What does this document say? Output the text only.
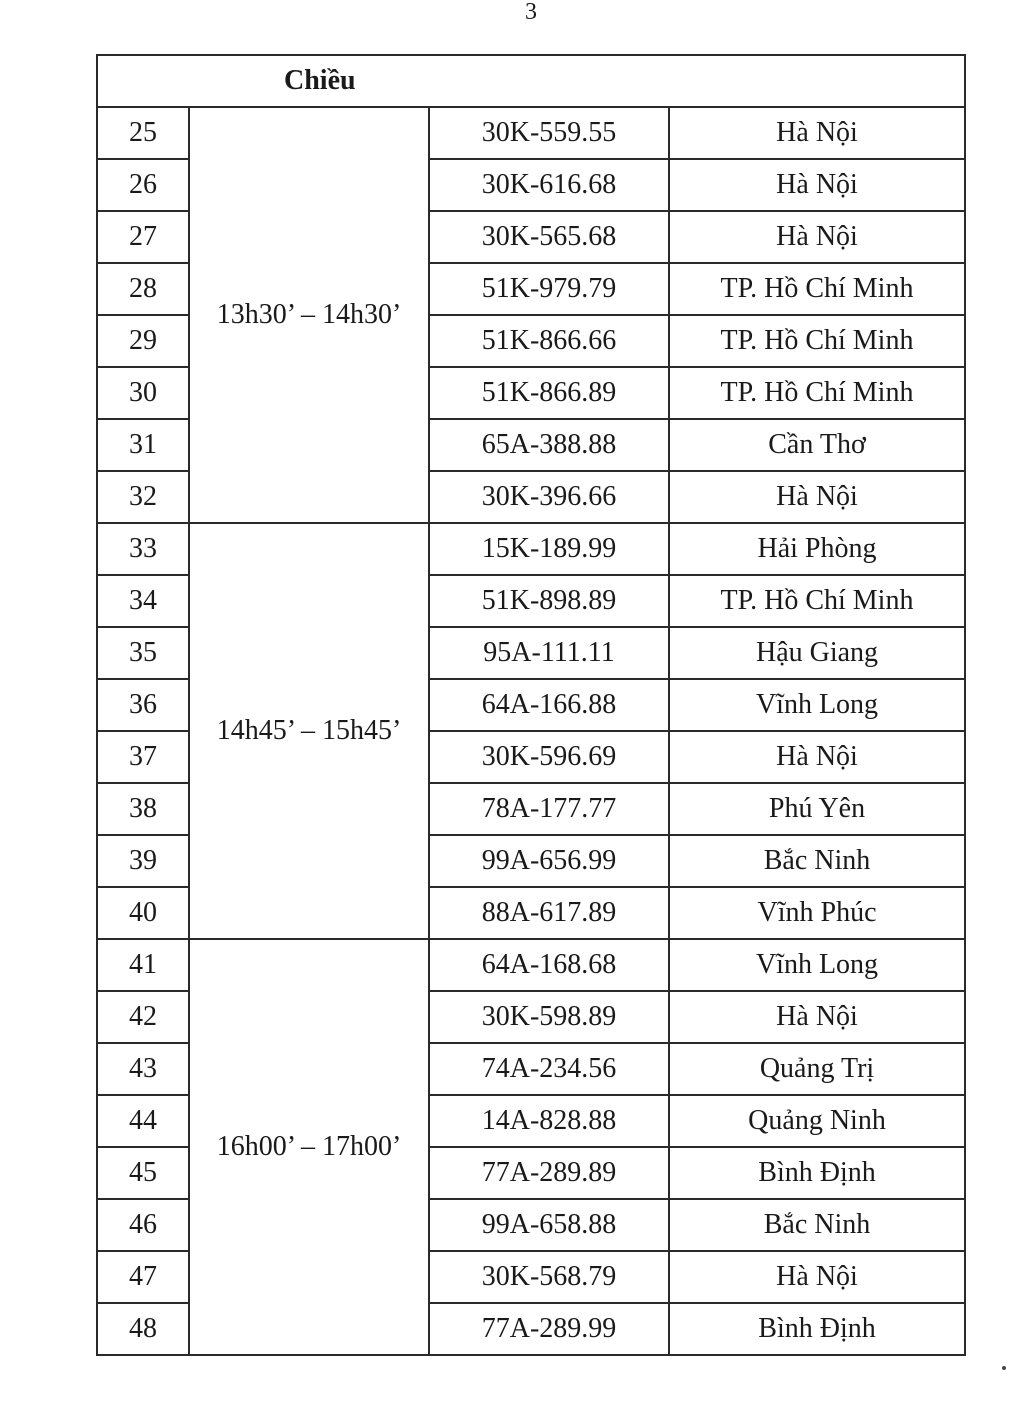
3
Chiều			
25	13h30’ – 14h30’	30K-559.55	Hà Nội
26		30K-616.68	Hà Nội
27		30K-565.68	Hà Nội
28		51K-979.79	TP. Hồ Chí Minh
29		51K-866.66	TP. Hồ Chí Minh
30		51K-866.89	TP. Hồ Chí Minh
31		65A-388.88	Cần Thơ
32		30K-396.66	Hà Nội
33	14h45’ – 15h45’	15K-189.99	Hải Phòng
34		51K-898.89	TP. Hồ Chí Minh
35		95A-111.11	Hậu Giang
36		64A-166.88	Vĩnh Long
37		30K-596.69	Hà Nội
38		78A-177.77	Phú Yên
39		99A-656.99	Bắc Ninh
40		88A-617.89	Vĩnh Phúc
41	16h00’ – 17h00’	64A-168.68	Vĩnh Long
42		30K-598.89	Hà Nội
43		74A-234.56	Quảng Trị
44		14A-828.88	Quảng Ninh
45		77A-289.89	Bình Định
46		99A-658.88	Bắc Ninh
47		30K-568.79	Hà Nội
48		77A-289.99	Bình Định
